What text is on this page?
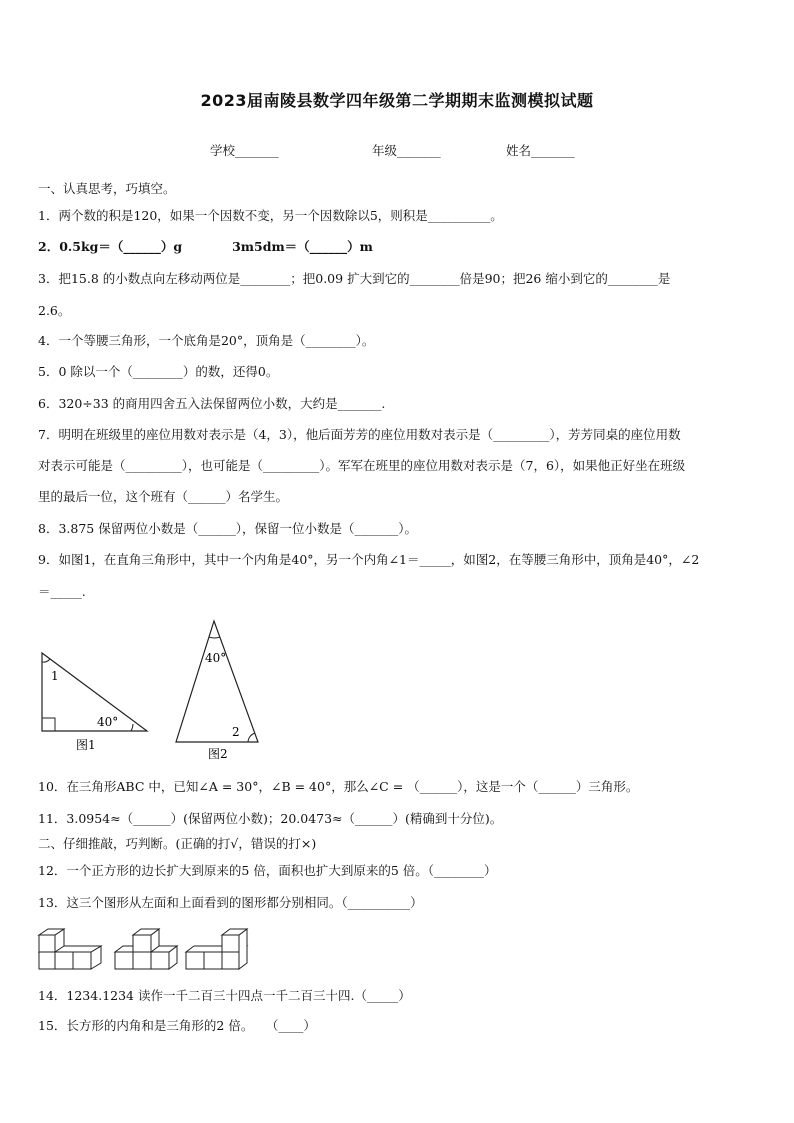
2023届南陵县数学四年级第二学期期末监测模拟试题
学校_______	年级_______	姓名_______
一、认真思考，巧填空。
1．两个数的积是120，如果一个因数不变，另一个因数除以5，则积是__________。
2．0.5kg＝（______）g　　　　3m5dm＝（______）m
3．把15.8 的小数点向左移动两位是________；把0.09 扩大到它的________倍是90；把26 缩小到它的________是
2.6。
4．一个等腰三角形，一个底角是20°，顶角是（________）。
5．0 除以一个（________）的数，还得0。
6．320÷33 的商用四舍五入法保留两位小数，大约是_______.
7．明明在班级里的座位用数对表示是（4，3），他后面芳芳的座位用数对表示是（_________），芳芳同桌的座位用数
对表示可能是（_________），也可能是（_________）。军军在班里的座位用数对表示是（7，6），如果他正好坐在班级
里的最后一位，这个班有（______）名学生。
8．3.875 保留两位小数是（______），保留一位小数是（_______）。
9．如图1，在直角三角形中，其中一个内角是40°，另一个内角∠1＝_____，如图2，在等腰三角形中，顶角是40°，∠2
＝_____.
1
40°
图1
40°
2
图2
10．在三角形ABC 中，已知∠A = 30°，∠B = 40°，那么∠C = （______），这是一个（______）三角形。
11．3.0954≈（______）(保留两位小数)；20.0473≈（______）(精确到十分位)。
二、仔细推敲，巧判断。(正确的打√，错误的打×)
12．一个正方形的边长扩大到原来的5 倍，面积也扩大到原来的5 倍。（________）
13．这三个图形从左面和上面看到的图形都分别相同。（__________）
14．1234.1234 读作一千二百三十四点一千二百三十四.（_____）
15．长方形的内角和是三角形的2 倍。　　（____）
